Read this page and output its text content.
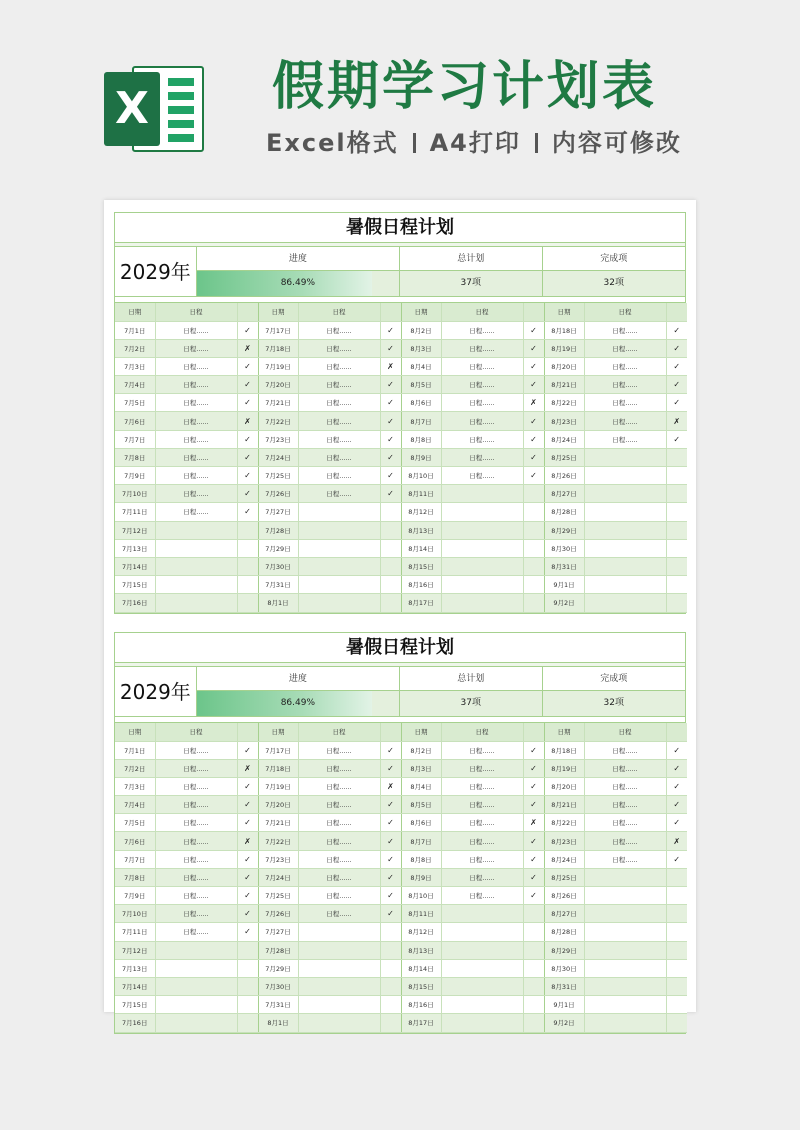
X 假期学习计划表
Excel格式 A4打印 内容可修改
暑假日程计划
2029年
进度
86.49%
总计划
37项
完成项
32项
日期	日程		日期	日程		日期	日程		日期	日程	
7月1日	日程......	✓	7月17日	日程......	✓	8月2日	日程......	✓	8月18日	日程......	✓
7月2日	日程......	✗	7月18日	日程......	✓	8月3日	日程......	✓	8月19日	日程......	✓
7月3日	日程......	✓	7月19日	日程......	✗	8月4日	日程......	✓	8月20日	日程......	✓
7月4日	日程......	✓	7月20日	日程......	✓	8月5日	日程......	✓	8月21日	日程......	✓
7月5日	日程......	✓	7月21日	日程......	✓	8月6日	日程......	✗	8月22日	日程......	✓
7月6日	日程......	✗	7月22日	日程......	✓	8月7日	日程......	✓	8月23日	日程......	✗
7月7日	日程......	✓	7月23日	日程......	✓	8月8日	日程......	✓	8月24日	日程......	✓
7月8日	日程......	✓	7月24日	日程......	✓	8月9日	日程......	✓	8月25日		
7月9日	日程......	✓	7月25日	日程......	✓	8月10日	日程......	✓	8月26日		
7月10日	日程......	✓	7月26日	日程......	✓	8月11日			8月27日		
7月11日	日程......	✓	7月27日			8月12日			8月28日		
7月12日			7月28日			8月13日			8月29日		
7月13日			7月29日			8月14日			8月30日		
7月14日			7月30日			8月15日			8月31日		
7月15日			7月31日			8月16日			9月1日		
7月16日			8月1日			8月17日			9月2日		
暑假日程计划
2029年
进度
86.49%
总计划
37项
完成项
32项
日期	日程		日期	日程		日期	日程		日期	日程	
7月1日	日程......	✓	7月17日	日程......	✓	8月2日	日程......	✓	8月18日	日程......	✓
7月2日	日程......	✗	7月18日	日程......	✓	8月3日	日程......	✓	8月19日	日程......	✓
7月3日	日程......	✓	7月19日	日程......	✗	8月4日	日程......	✓	8月20日	日程......	✓
7月4日	日程......	✓	7月20日	日程......	✓	8月5日	日程......	✓	8月21日	日程......	✓
7月5日	日程......	✓	7月21日	日程......	✓	8月6日	日程......	✗	8月22日	日程......	✓
7月6日	日程......	✗	7月22日	日程......	✓	8月7日	日程......	✓	8月23日	日程......	✗
7月7日	日程......	✓	7月23日	日程......	✓	8月8日	日程......	✓	8月24日	日程......	✓
7月8日	日程......	✓	7月24日	日程......	✓	8月9日	日程......	✓	8月25日		
7月9日	日程......	✓	7月25日	日程......	✓	8月10日	日程......	✓	8月26日		
7月10日	日程......	✓	7月26日	日程......	✓	8月11日			8月27日		
7月11日	日程......	✓	7月27日			8月12日			8月28日		
7月12日			7月28日			8月13日			8月29日		
7月13日			7月29日			8月14日			8月30日		
7月14日			7月30日			8月15日			8月31日		
7月15日			7月31日			8月16日			9月1日		
7月16日			8月1日			8月17日			9月2日		
